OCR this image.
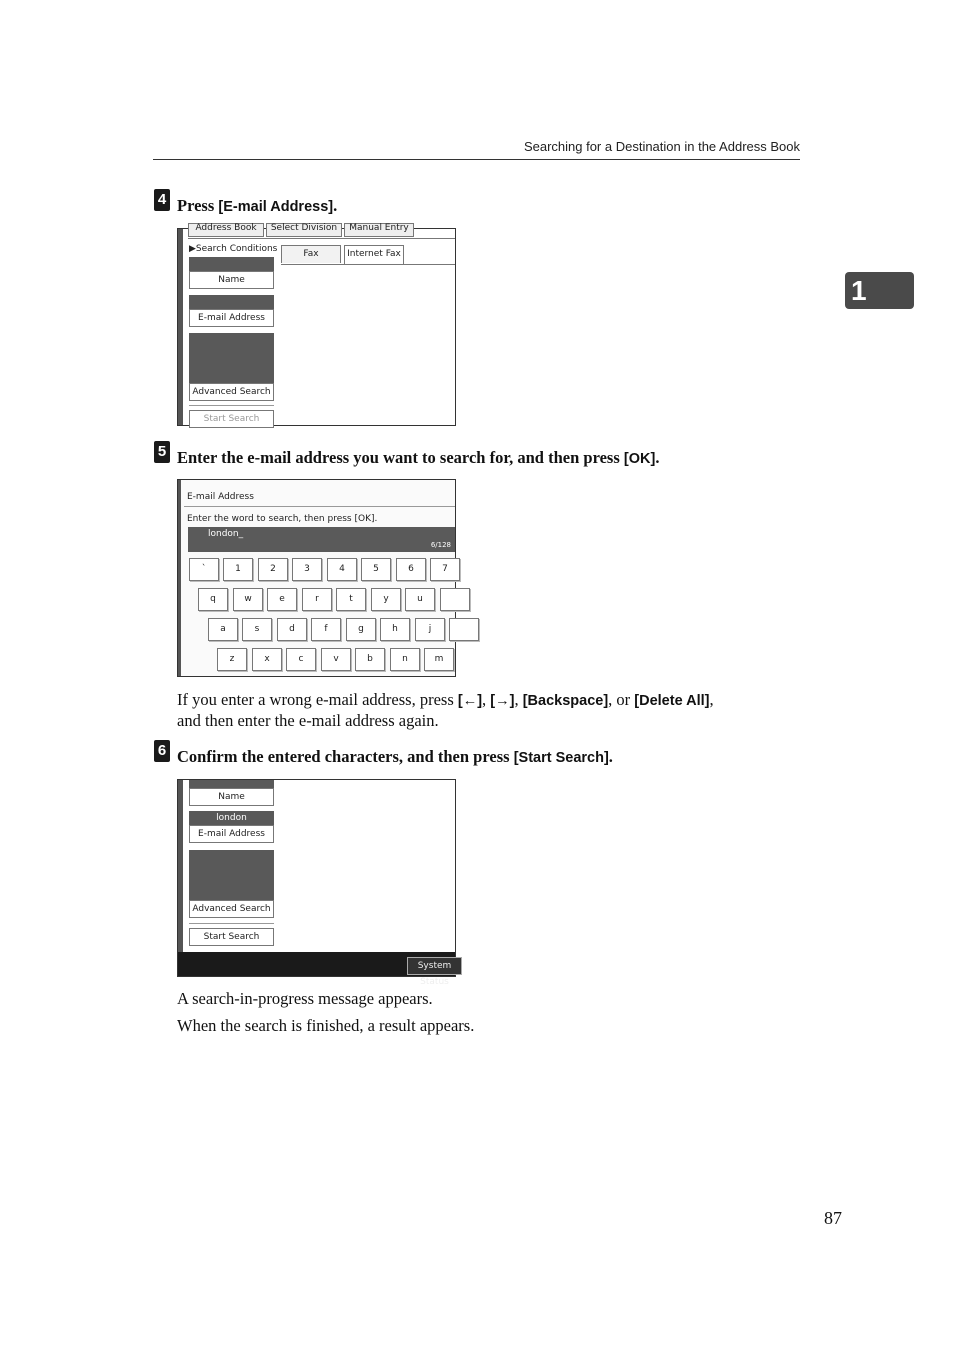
Searching for a Destination in the Address Book
1
4 Press [E-mail Address].
Address Book	Select Division	Manual Entry
▶Search Conditions
Name
E-mail Address
Advanced Search
Start Search
Fax	Internet Fax
5 Enter the e-mail address you want to search for, and then press [OK].
E-mail Address
Enter the word to search, then press [OK].
london_
6/128
`	1	2	3	4	5	6	7
q	w	e	r	t	y	u
a	s	d	f	g	h	j
z	x	c	v	b	n	m
If you enter a wrong e-mail address, press [←], [→], [Backspace], or [Delete All],
and then enter the e-mail address again.
6 Confirm the entered characters, and then press [Start Search].
Name
london
E-mail Address
Advanced Search
Start Search
System Status
A search-in-progress message appears.
When the search is finished, a result appears.
87
